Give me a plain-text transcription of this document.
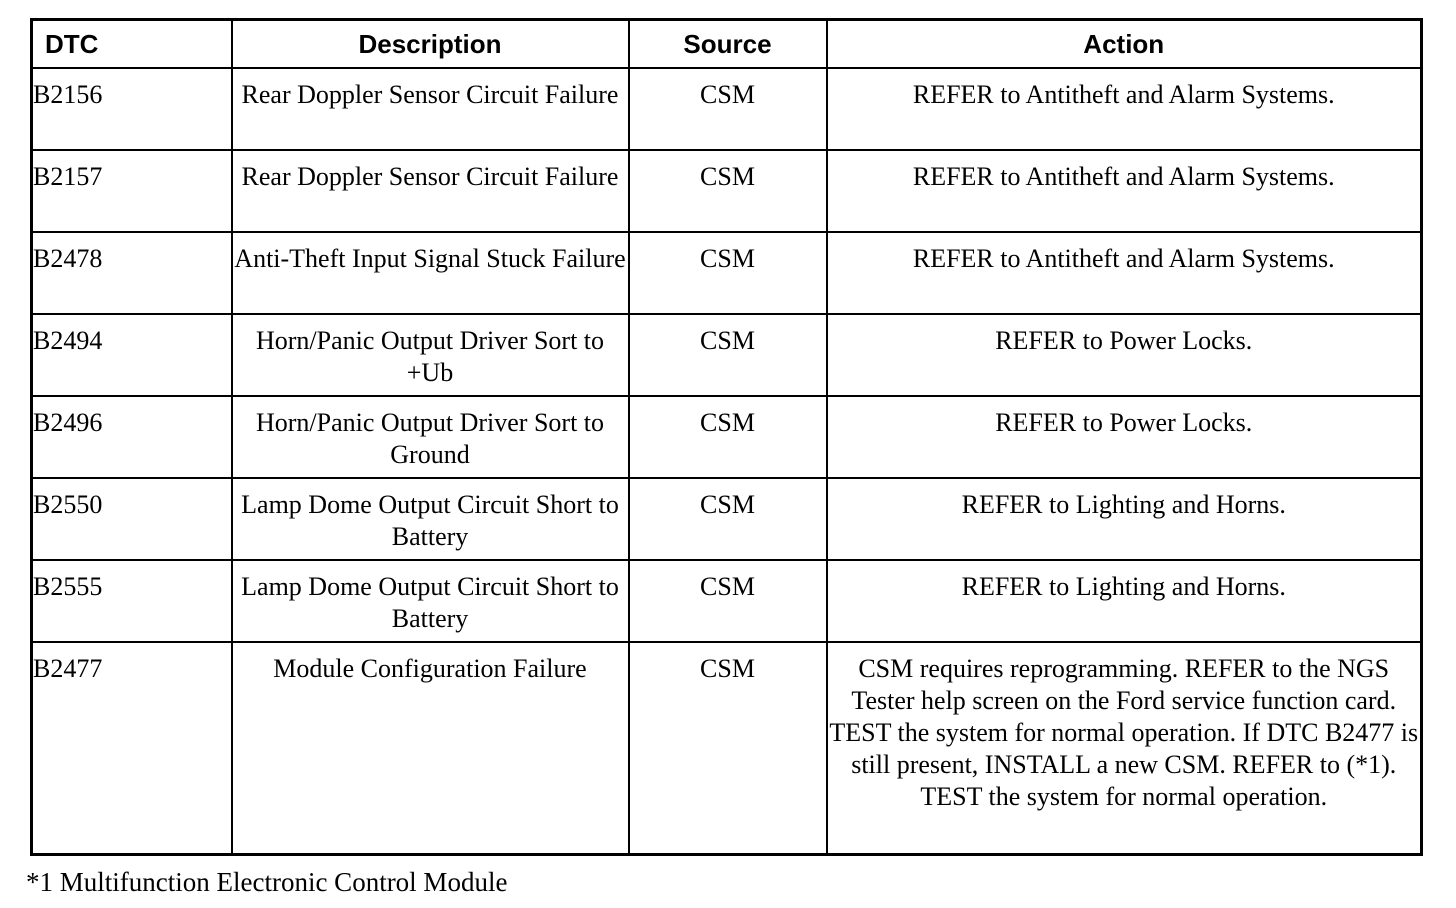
DTC	Description	Source	Action
B2156	Rear Doppler Sensor Circuit Failure	CSM	REFER to Antitheft and Alarm Systems.
B2157	Rear Doppler Sensor Circuit Failure	CSM	REFER to Antitheft and Alarm Systems.
B2478	Anti-Theft Input Signal Stuck Failure	CSM	REFER to Antitheft and Alarm Systems.
B2494	Horn/Panic Output Driver Sort to +Ub	CSM	REFER to Power Locks.
B2496	Horn/Panic Output Driver Sort to Ground	CSM	REFER to Power Locks.
B2550	Lamp Dome Output Circuit Short to Battery	CSM	REFER to Lighting and Horns.
B2555	Lamp Dome Output Circuit Short to Battery	CSM	REFER to Lighting and Horns.
B2477	Module Configuration Failure	CSM	CSM requires reprogramming. REFER to the NGS Tester help screen on the Ford service function card. TEST the system for normal operation. If DTC B2477 is still present, INSTALL a new CSM. REFER to (*1). TEST the system for normal operation.
*1 Multifunction Electronic Control Module
